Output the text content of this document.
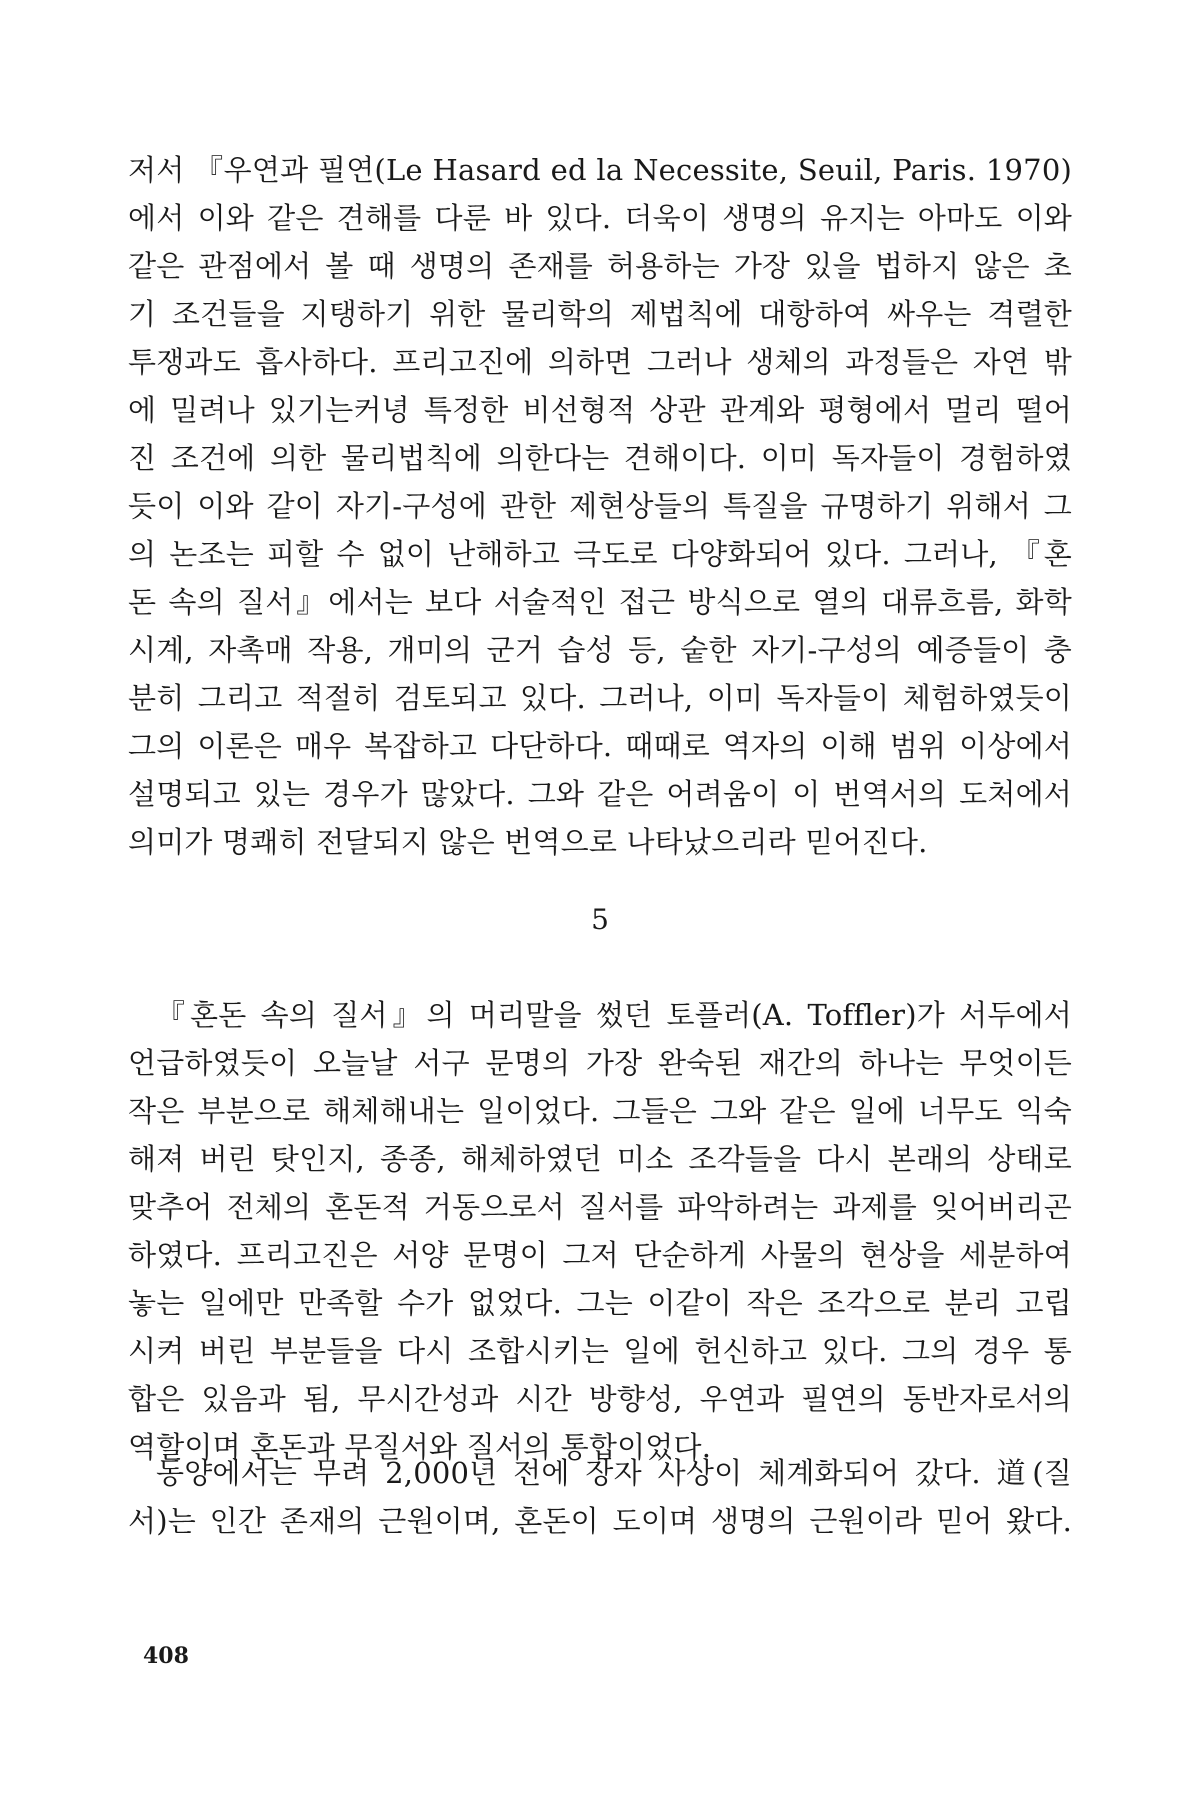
저서 『우연과 필연(Le Hasard ed la Necessite, Seuil, Paris. 1970)
에서 이와 같은 견해를 다룬 바 있다. 더욱이 생명의 유지는 아마도 이와
같은 관점에서 볼 때 생명의 존재를 허용하는 가장 있을 법하지 않은 초
기 조건들을 지탱하기 위한 물리학의 제법칙에 대항하여 싸우는 격렬한
투쟁과도 흡사하다. 프리고진에 의하면 그러나 생체의 과정들은 자연 밖
에 밀려나 있기는커녕 특정한 비선형적 상관 관계와 평형에서 멀리 떨어
진 조건에 의한 물리법칙에 의한다는 견해이다. 이미 독자들이 경험하였
듯이 이와 같이 자기-구성에 관한 제현상들의 특질을 규명하기 위해서 그
의 논조는 피할 수 없이 난해하고 극도로 다양화되어 있다. 그러나, 『혼
돈 속의 질서』에서는 보다 서술적인 접근 방식으로 열의 대류흐름, 화학
시계, 자촉매 작용, 개미의 군거 습성 등, 숱한 자기-구성의 예증들이 충
분히 그리고 적절히 검토되고 있다. 그러나, 이미 독자들이 체험하였듯이
그의 이론은 매우 복잡하고 다단하다. 때때로 역자의 이해 범위 이상에서
설명되고 있는 경우가 많았다. 그와 같은 어려움이 이 번역서의 도처에서
의미가 명쾌히 전달되지 않은 번역으로 나타났으리라 믿어진다.
5
『혼돈 속의 질서』의 머리말을 썼던 토플러(A. Toffler)가 서두에서
언급하였듯이 오늘날 서구 문명의 가장 완숙된 재간의 하나는 무엇이든
작은 부분으로 해체해내는 일이었다. 그들은 그와 같은 일에 너무도 익숙
해져 버린 탓인지, 종종, 해체하였던 미소 조각들을 다시 본래의 상태로
맞추어 전체의 혼돈적 거동으로서 질서를 파악하려는 과제를 잊어버리곤
하였다. 프리고진은 서양 문명이 그저 단순하게 사물의 현상을 세분하여
놓는 일에만 만족할 수가 없었다. 그는 이같이 작은 조각으로 분리 고립
시켜 버린 부분들을 다시 조합시키는 일에 헌신하고 있다. 그의 경우 통
합은 있음과 됨, 무시간성과 시간 방향성, 우연과 필연의 동반자로서의
역할이며 혼돈과 무질서와 질서의 통합이었다.
동양에서는 무려 2,000년 전에 장자 사상이 체계화되어 갔다. 道(질
서)는 인간 존재의 근원이며, 혼돈이 도이며 생명의 근원이라 믿어 왔다.
408
